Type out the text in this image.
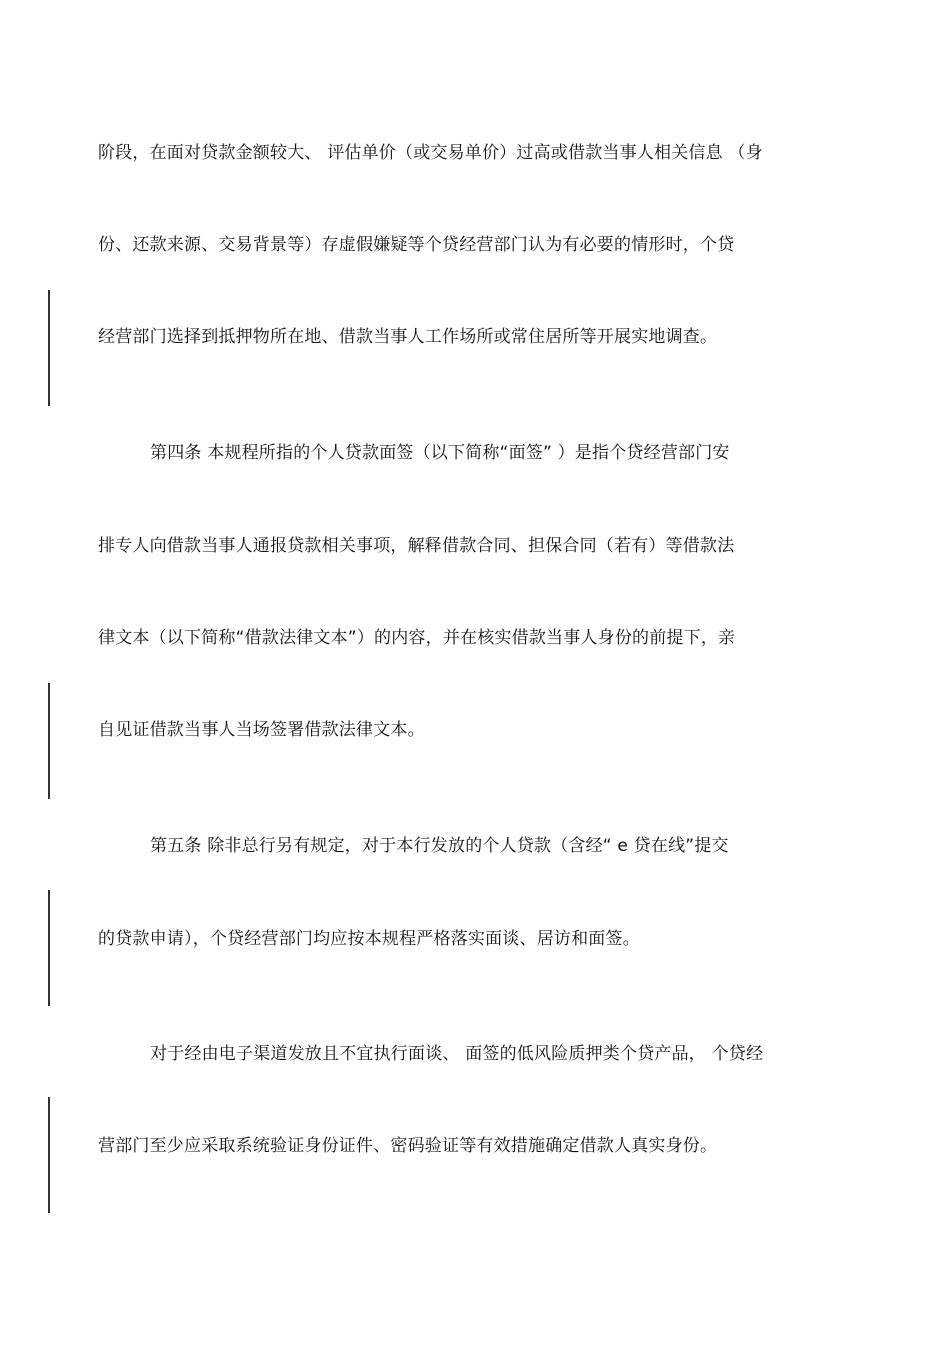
阶段，在面对贷款金额较大、 评估单价（或交易单价）过高或借款当事人相关信息 （身
份、还款来源、交易背景等）存虚假嫌疑等个贷经营部门认为有必要的情形时，个贷
经营部门选择到抵押物所在地、借款当事人工作场所或常住居所等开展实地调查。
第四条 本规程所指的个人贷款面签（以下简称“面签” ）是指个贷经营部门安
排专人向借款当事人通报贷款相关事项，解释借款合同、担保合同（若有）等借款法
律文本（以下简称“借款法律文本”）的内容，并在核实借款当事人身份的前提下，亲
自见证借款当事人当场签署借款法律文本。
第五条 除非总行另有规定，对于本行发放的个人贷款（含经“ e 贷在线”提交
的贷款申请），个贷经营部门均应按本规程严格落实面谈、居访和面签。
对于经由电子渠道发放且不宜执行面谈、 面签的低风险质押类个贷产品， 个贷经
营部门至少应采取系统验证身份证件、密码验证等有效措施确定借款人真实身份。
